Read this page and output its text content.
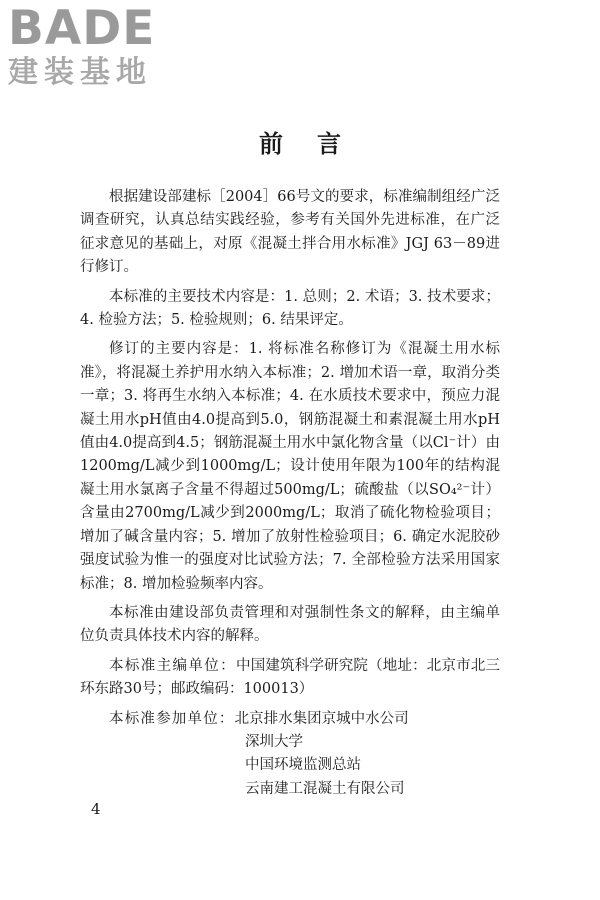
BADE
建装基地
前言

根据建设部建标［2004］66号文的要求，标准编制组经广泛调查研究，认真总结实践经验，参考有关国外先进标准，在广泛征求意见的基础上，对原《混凝土拌合用水标准》JGJ 63－89进行修订。

本标准的主要技术内容是：1. 总则；2. 术语；3. 技术要求；4. 检验方法；5. 检验规则；6. 结果评定。

修订的主要内容是：1. 将标准名称修订为《混凝土用水标准》，将混凝土养护用水纳入本标准；2. 增加术语一章，取消分类一章；3. 将再生水纳入本标准；4. 在水质技术要求中，预应力混凝土用水pH值由4.0提高到5.0，钢筋混凝土和素混凝土用水pH值由4.0提高到4.5；钢筋混凝土用水中氯化物含量（以Cl⁻计）由1200mg/L减少到1000mg/L；设计使用年限为100年的结构混凝土用水氯离子含量不得超过500mg/L；硫酸盐（以SO₄²⁻计）含量由2700mg/L减少到2000mg/L；取消了硫化物检验项目；增加了碱含量内容；5. 增加了放射性检验项目；6. 确定水泥胶砂强度试验为惟一的强度对比试验方法；7. 全部检验方法采用国家标准；8. 增加检验频率内容。

本标准由建设部负责管理和对强制性条文的解释，由主编单位负责具体技术内容的解释。

本标准主编单位：中国建筑科学研究院（地址：北京市北三环东路30号；邮政编码：100013）

本标准参加单位：北京排水集团京城中水公司

深圳大学

中国环境监测总站

云南建工混凝土有限公司

4
